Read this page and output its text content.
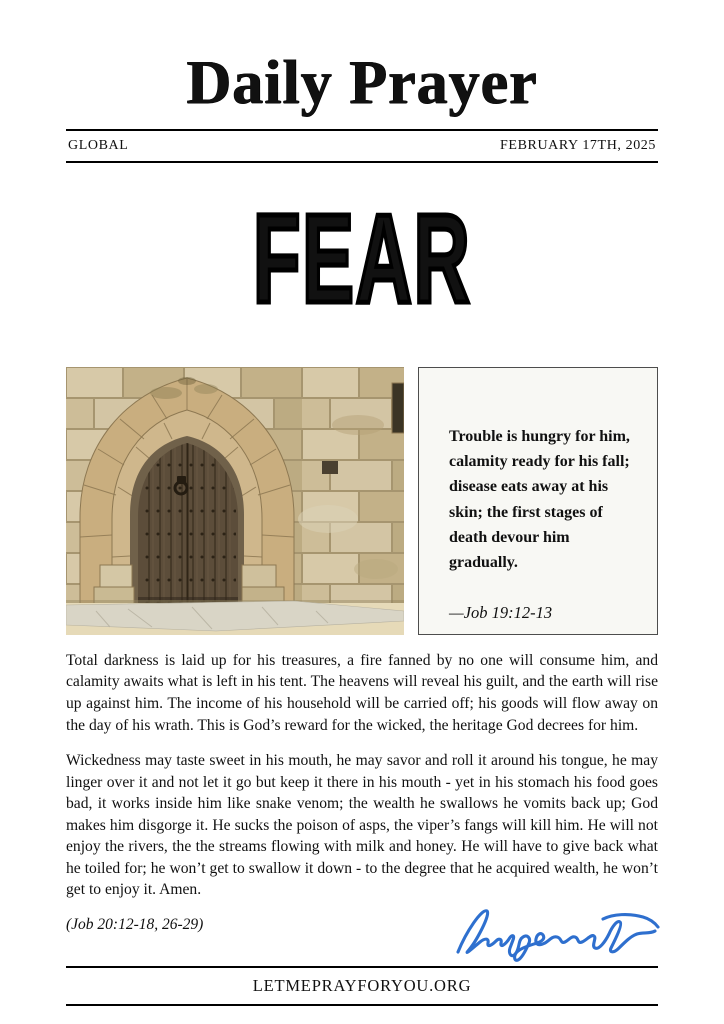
Daily Prayer
GLOBAL	FEBRUARY 17TH, 2025
FEAR
Trouble is hungry for him, calamity ready for his fall; disease eats away at his skin; the first stages of death devour him gradually.
—Job 19:12-13

Total darkness is laid up for his treasures, a fire fanned by no one will consume him, and calamity awaits what is left in his tent. The heavens will reveal his guilt, and the earth will rise up against him. The income of his household will be carried off; his goods will flow away on the day of his wrath. This is God’s reward for the wicked, the heritage God decrees for him.

Wickedness may taste sweet in his mouth, he may savor and roll it around his tongue, he may linger over it and not let it go but keep it there in his mouth - yet in his stomach his food goes bad, it works inside him like snake venom; the wealth he swallows he vomits back up; God makes him disgorge it. He sucks the poison of asps, the viper’s fangs will kill him. He will not enjoy the rivers, the the streams flowing with milk and honey. He will have to give back what he toiled for; he won’t get to swallow it down - to the degree that he acquired wealth, he won’t get to enjoy it. Amen.

(Job 20:12-18, 26-29)
LETMEPRAYFORYOU.ORG
